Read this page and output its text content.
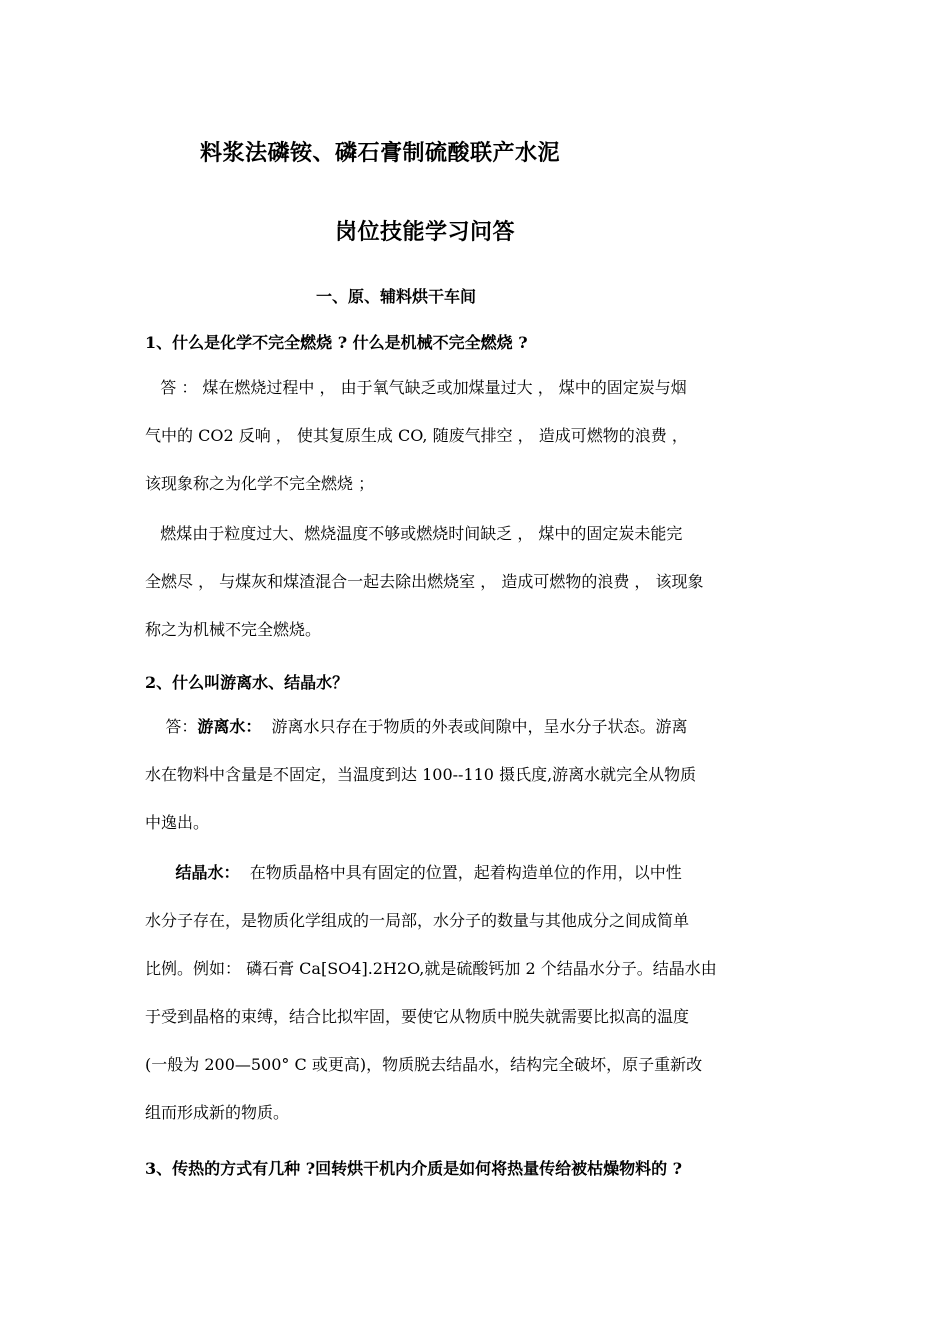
料浆法磷铵、磷石膏制硫酸联产水泥
岗位技能学习问答
一、原、辅料烘干车间
1、什么是化学不完全燃烧 ? 什么是机械不完全燃烧 ?
答 ： 煤在燃烧过程中 ， 由于氧气缺乏或加煤量过大 ， 煤中的固定炭与烟
气中的 CO2 反响 ， 使其复原生成 CO, 随废气排空 ， 造成可燃物的浪费 ，
该现象称之为化学不完全燃烧 ；
燃煤由于粒度过大、燃烧温度不够或燃烧时间缺乏 ， 煤中的固定炭未能完
全燃尽 ， 与煤灰和煤渣混合一起去除出燃烧室 ， 造成可燃物的浪费 ， 该现象
称之为机械不完全燃烧。
2、什么叫游离水、结晶水？
答：游离水：  游离水只存在于物质的外表或间隙中，呈水分子状态。游离
水在物料中含量是不固定，当温度到达 100--110 摄氏度,游离水就完全从物质
中逸出。
结晶水：  在物质晶格中具有固定的位置，起着构造单位的作用，以中性
水分子存在，是物质化学组成的一局部，水分子的数量与其他成分之间成简单
比例。例如： 磷石膏 Ca[SO4].2H2O,就是硫酸钙加 2 个结晶水分子。结晶水由
于受到晶格的束缚，结合比拟牢固，要使它从物质中脱失就需要比拟高的温度
(一般为 200—500° C 或更高)，物质脱去结晶水，结构完全破坏，原子重新改
组而形成新的物质。
3、传热的方式有几种 ?回转烘干机内介质是如何将热量传给被枯燥物料的 ?
